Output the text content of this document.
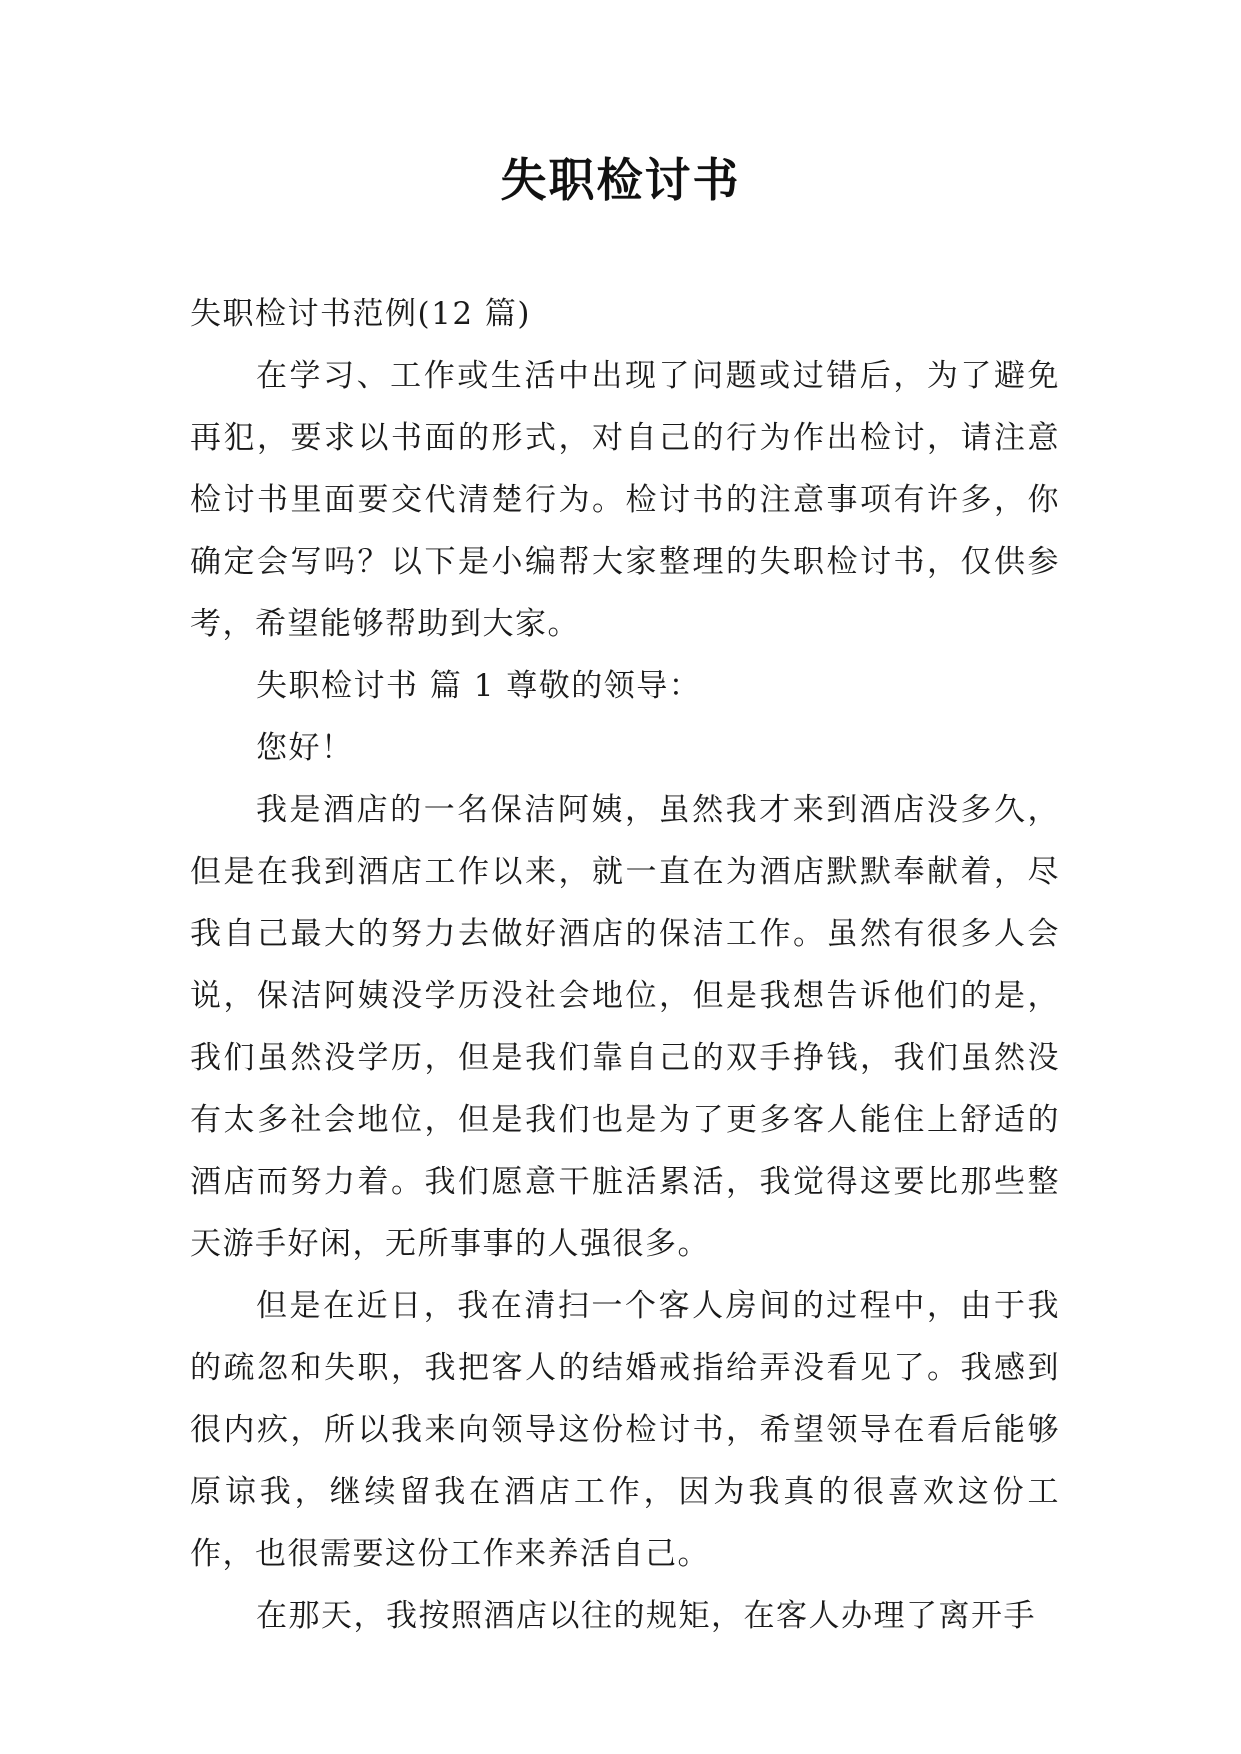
失职检讨书

失职检讨书范例(12 篇)

在学习、工作或生活中出现了问题或过错后，为了避免再犯，要求以书面的形式，对自己的行为作出检讨，请注意检讨书里面要交代清楚行为。检讨书的注意事项有许多，你确定会写吗？以下是小编帮大家整理的失职检讨书，仅供参考，希望能够帮助到大家。

失职检讨书 篇 1 尊敬的领导：

您好！

我是酒店的一名保洁阿姨，虽然我才来到酒店没多久，但是在我到酒店工作以来，就一直在为酒店默默奉献着，尽我自己最大的努力去做好酒店的保洁工作。虽然有很多人会说，保洁阿姨没学历没社会地位，但是我想告诉他们的是，我们虽然没学历，但是我们靠自己的双手挣钱，我们虽然没有太多社会地位，但是我们也是为了更多客人能住上舒适的酒店而努力着。我们愿意干脏活累活，我觉得这要比那些整天游手好闲，无所事事的人强很多。

但是在近日，我在清扫一个客人房间的过程中，由于我的疏忽和失职，我把客人的结婚戒指给弄没看见了。我感到很内疚，所以我来向领导这份检讨书，希望领导在看后能够原谅我，继续留我在酒店工作，因为我真的很喜欢这份工作，也很需要这份工作来养活自己。

在那天，我按照酒店以往的规矩，在客人办理了离开手
